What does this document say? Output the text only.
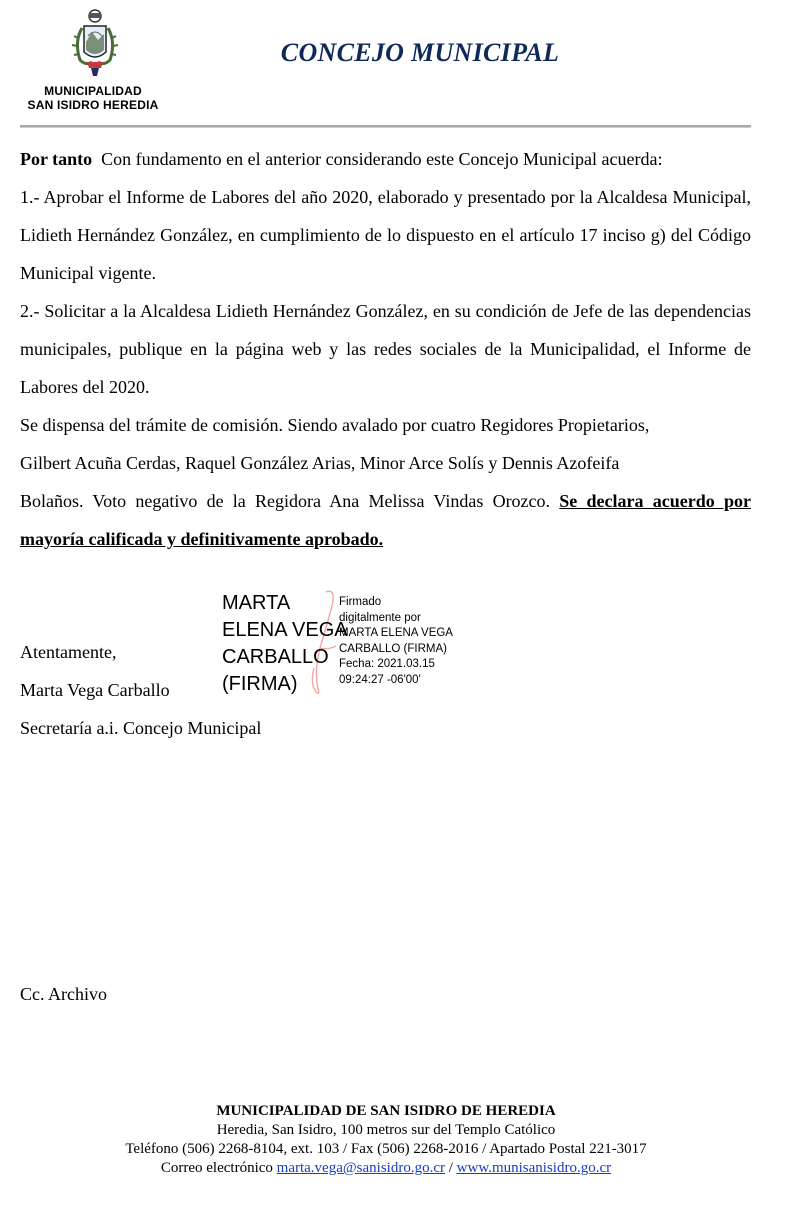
MUNICIPALIDAD
SAN ISIDRO HEREDIA
CONCEJO MUNICIPAL

Por tanto Con fundamento en el anterior considerando este Concejo Municipal acuerda:

1.- Aprobar el Informe de Labores del año 2020, elaborado y presentado por la Alcaldesa Municipal, Lidieth Hernández González, en cumplimiento de lo dispuesto en el artículo 17 inciso g) del Código Municipal vigente.

2.- Solicitar a la Alcaldesa Lidieth Hernández González, en su condición de Jefe de las dependencias municipales, publique en la página web y las redes sociales de la Municipalidad, el Informe de Labores del 2020.

Se dispensa del trámite de comisión. Siendo avalado por cuatro Regidores Propietarios,

Gilbert Acuña Cerdas, Raquel González Arias, Minor Arce Solís y Dennis Azofeifa

Bolaños. Voto negativo de la Regidora Ana Melissa Vindas Orozco. Se declara acuerdo por mayoría calificada y definitivamente aprobado.

MARTA
ELENA VEGA
CARBALLO
(FIRMA)
Firmado
digitalmente por
MARTA ELENA VEGA
CARBALLO (FIRMA)
Fecha: 2021.03.15
09:24:27 -06'00'

Atentamente,

Marta Vega Carballo

Secretaría a.i. Concejo Municipal

Cc. Archivo
MUNICIPALIDAD DE SAN ISIDRO DE HEREDIA
Heredia, San Isidro, 100 metros sur del Templo Católico
Teléfono (506) 2268-8104, ext. 103 / Fax (506) 2268-2016 / Apartado Postal 221-3017
Correo electrónico marta.vega@sanisidro.go.cr / www.munisanisidro.go.cr
